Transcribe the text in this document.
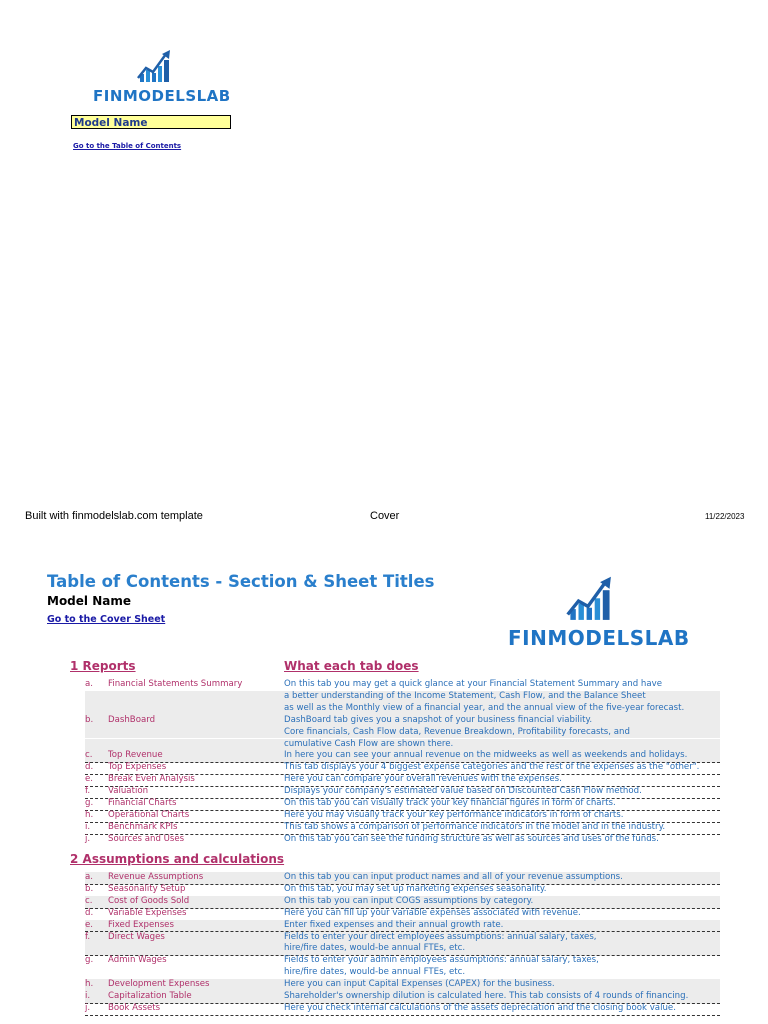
FINMODELSLAB
Model Name
Go to the Table of Contents
Built with finmodelslab.com template	Cover	11/22/2023
Table of Contents - Section & Sheet Titles
Model Name
Go to the Cover Sheet
FINMODELSLAB
1 Reports	What each tab does
a.	Financial Statements Summary	On this tab you may get a quick glance at your Financial Statement Summary and have
a better understanding of the Income Statement, Cash Flow, and the Balance Sheet
as well as the Monthly view of a financial year, and the annual view of the five-year forecast.
b.	DashBoard	DashBoard tab gives you a snapshot of your business financial viability.
Core financials, Cash Flow data, Revenue Breakdown, Profitability forecasts, and
cumulative Cash Flow are shown there.
c.	Top Revenue	In here you can see your annual revenue on the midweeks as well as weekends and holidays.
d.	Top Expenses	This tab displays your 4 biggest expense categories and the rest of the expenses as the "other".
e.	Break Even Analysis	Here you can compare your overall revenues with the expenses.
f.	Valuation	Displays your company's estimated value based on Discounted Cash Flow method.
g.	Financial Charts	On this tab you can visually track your key financial figures in form of charts.
h.	Operational Charts	Here you may visually track your key performance indicators in form of charts.
i.	Benchmark KPIs	This tab shows a comparison of performance indicators in the model and in the industry.
j.	Sources and Uses	On this tab you can see the funding structure as well as sources and uses of the funds.
2 Assumptions and calculations
a.	Revenue Assumptions	On this tab you can input product names and all of your revenue assumptions.
b.	Seasonality Setup	On this tab, you may set up marketing expenses seasonality.
c.	Cost of Goods Sold	On this tab you can input COGS assumptions by category.
d.	Variable Expenses	Here you can fill up your variable expenses associated with revenue.
e.	Fixed Expenses	Enter fixed expenses and their annual growth rate.
f.	Direct Wages	Fields to enter your direct employees assumptions: annual salary, taxes,
hire/fire dates, would-be annual FTEs, etc.
g.	Admin Wages	Fields to enter your admin employees assumptions: annual salary, taxes,
hire/fire dates, would-be annual FTEs, etc.
h.	Development Expenses	Here you can input Capital Expenses (CAPEX) for the business.
i.	Capitalization Table	Shareholder's ownership dilution is calculated here. This tab consists of 4 rounds of financing.
j.	Book Assets	Here you check internal calculations of the assets depreciation and the closing book value.
